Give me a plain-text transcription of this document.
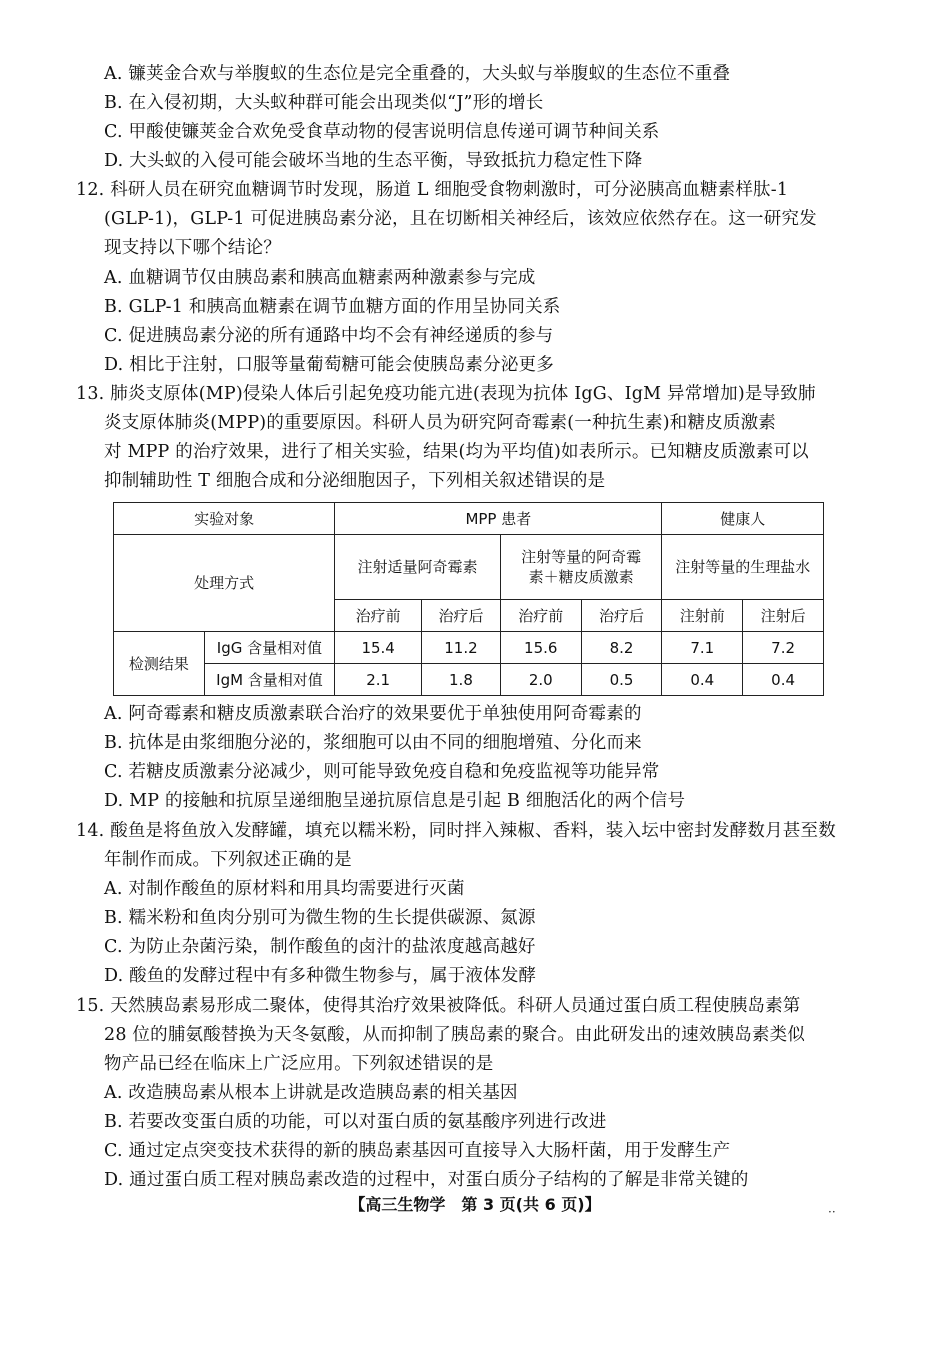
A. 镰荚金合欢与举腹蚁的生态位是完全重叠的，大头蚁与举腹蚁的生态位不重叠
B. 在入侵初期，大头蚁种群可能会出现类似“J”形的增长
C. 甲酸使镰荚金合欢免受食草动物的侵害说明信息传递可调节种间关系
D. 大头蚁的入侵可能会破坏当地的生态平衡，导致抵抗力稳定性下降
12. 科研人员在研究血糖调节时发现，肠道 L 细胞受食物刺激时，可分泌胰高血糖素样肽-1
(GLP-1)，GLP-1 可促进胰岛素分泌，且在切断相关神经后，该效应依然存在。这一研究发
现支持以下哪个结论？
A. 血糖调节仅由胰岛素和胰高血糖素两种激素参与完成
B. GLP-1 和胰高血糖素在调节血糖方面的作用呈协同关系
C. 促进胰岛素分泌的所有通路中均不会有神经递质的参与
D. 相比于注射，口服等量葡萄糖可能会使胰岛素分泌更多
13. 肺炎支原体(MP)侵染人体后引起免疫功能亢进(表现为抗体 IgG、IgM 异常增加)是导致肺
炎支原体肺炎(MPP)的重要原因。科研人员为研究阿奇霉素(一种抗生素)和糖皮质激素
对 MPP 的治疗效果，进行了相关实验，结果(均为平均值)如表所示。已知糖皮质激素可以
抑制辅助性 T 细胞合成和分泌细胞因子，下列相关叙述错误的是
实验对象		MPP 患者				健康人	
处理方式		注射适量阿奇霉素		注射等量的阿奇霉
素＋糖皮质激素		注射等量的生理盐水	
		治疗前	治疗后	治疗前	治疗后	注射前	注射后
检测结果	IgG 含量相对值	15.4	11.2	15.6	8.2	7.1	7.2
	IgM 含量相对值	2.1	1.8	2.0	0.5	0.4	0.4
A. 阿奇霉素和糖皮质激素联合治疗的效果要优于单独使用阿奇霉素的
B. 抗体是由浆细胞分泌的，浆细胞可以由不同的细胞增殖、分化而来
C. 若糖皮质激素分泌减少，则可能导致免疫自稳和免疫监视等功能异常
D. MP 的接触和抗原呈递细胞呈递抗原信息是引起 B 细胞活化的两个信号
14. 酸鱼是将鱼放入发酵罐，填充以糯米粉，同时拌入辣椒、香料，装入坛中密封发酵数月甚至数
年制作而成。下列叙述正确的是
A. 对制作酸鱼的原材料和用具均需要进行灭菌
B. 糯米粉和鱼肉分别可为微生物的生长提供碳源、氮源
C. 为防止杂菌污染，制作酸鱼的卤汁的盐浓度越高越好
D. 酸鱼的发酵过程中有多种微生物参与，属于液体发酵
15. 天然胰岛素易形成二聚体，使得其治疗效果被降低。科研人员通过蛋白质工程使胰岛素第
28 位的脯氨酸替换为天冬氨酸，从而抑制了胰岛素的聚合。由此研发出的速效胰岛素类似
物产品已经在临床上广泛应用。下列叙述错误的是
A. 改造胰岛素从根本上讲就是改造胰岛素的相关基因
B. 若要改变蛋白质的功能，可以对蛋白质的氨基酸序列进行改进
C. 通过定点突变技术获得的新的胰岛素基因可直接导入大肠杆菌，用于发酵生产
D. 通过蛋白质工程对胰岛素改造的过程中，对蛋白质分子结构的了解是非常关键的
【高三生物学　第 3 页(共 6 页)】	··
